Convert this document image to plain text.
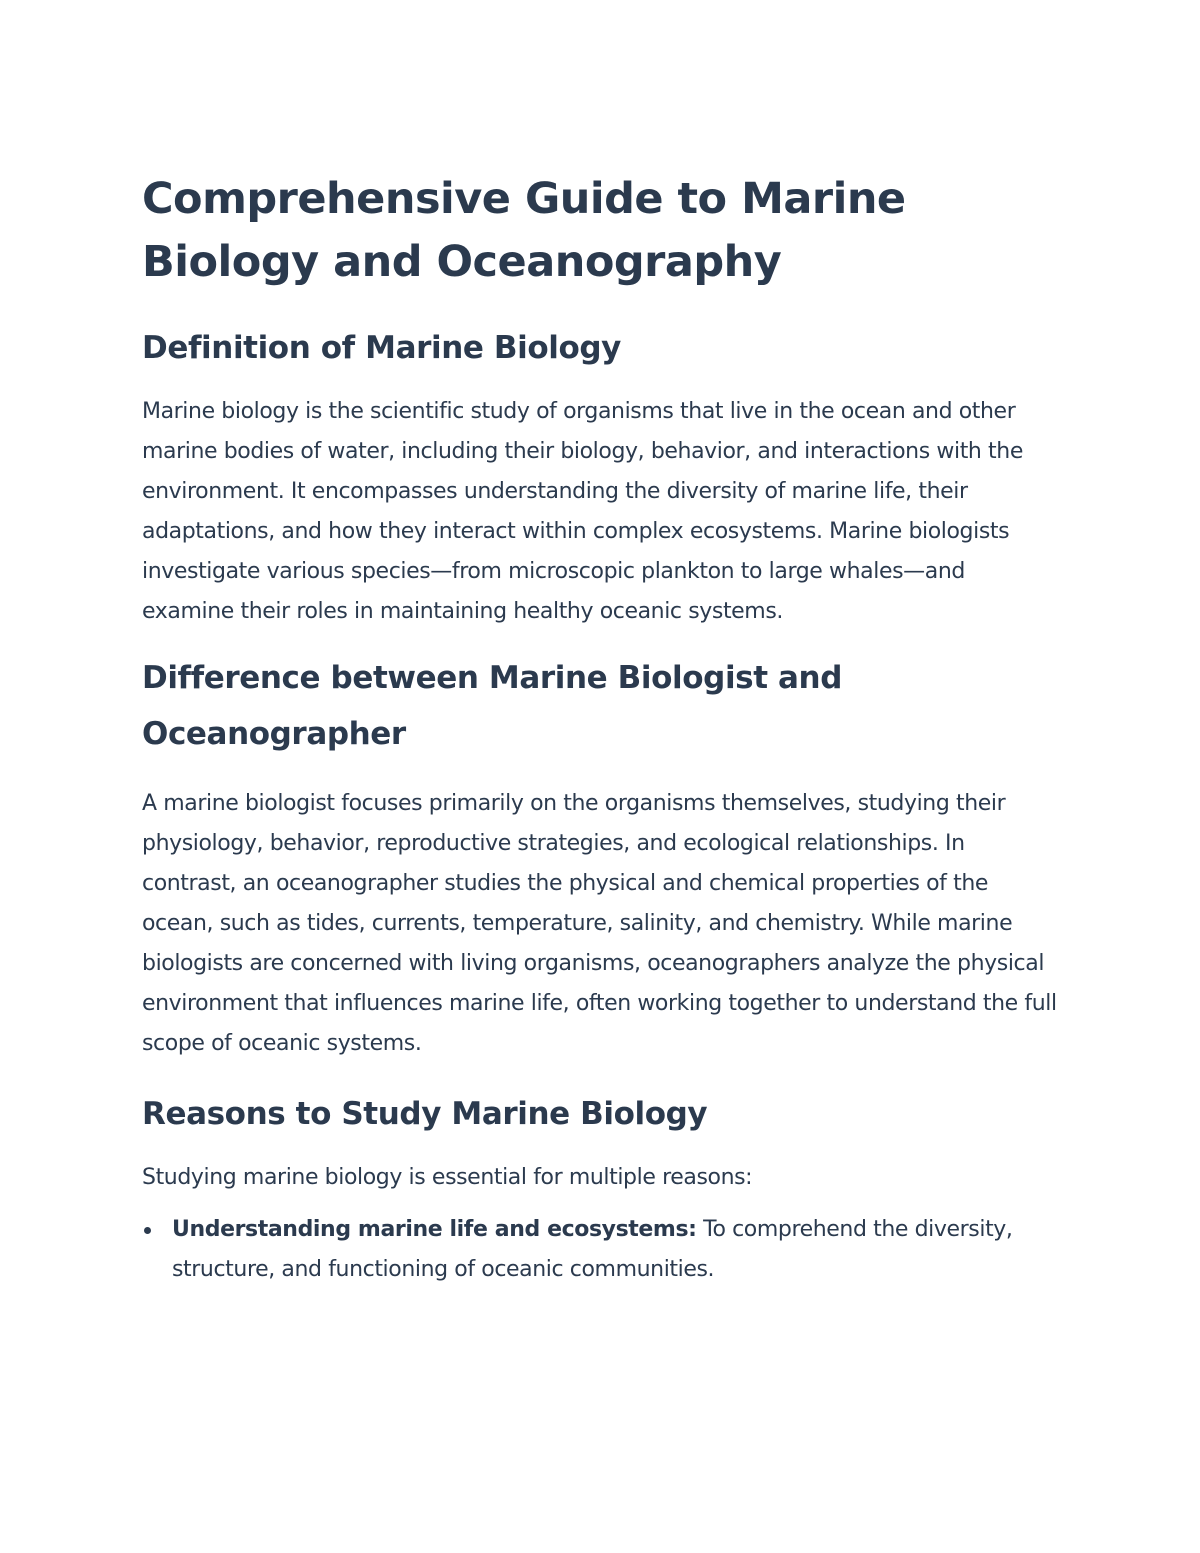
Comprehensive Guide to Marine Biology and Oceanography
Definition of Marine Biology

Marine biology is the scientific study of organisms that live in the ocean and other marine bodies of water, including their biology, behavior, and interactions with the environment. It encompasses understanding the diversity of marine life, their adaptations, and how they interact within complex ecosystems. Marine biologists investigate various species—from microscopic plankton to large whales—and examine their roles in maintaining healthy oceanic systems.

Difference between Marine Biologist and Oceanographer

A marine biologist focuses primarily on the organisms themselves, studying their physiology, behavior, reproductive strategies, and ecological relationships. In contrast, an oceanographer studies the physical and chemical properties of the ocean, such as tides, currents, temperature, salinity, and chemistry. While marine biologists are concerned with living organisms, oceanographers analyze the physical environment that influences marine life, often working together to understand the full scope of oceanic systems.

Reasons to Study Marine Biology

Studying marine biology is essential for multiple reasons:

Understanding marine life and ecosystems: To comprehend the diversity, structure, and functioning of oceanic communities.
